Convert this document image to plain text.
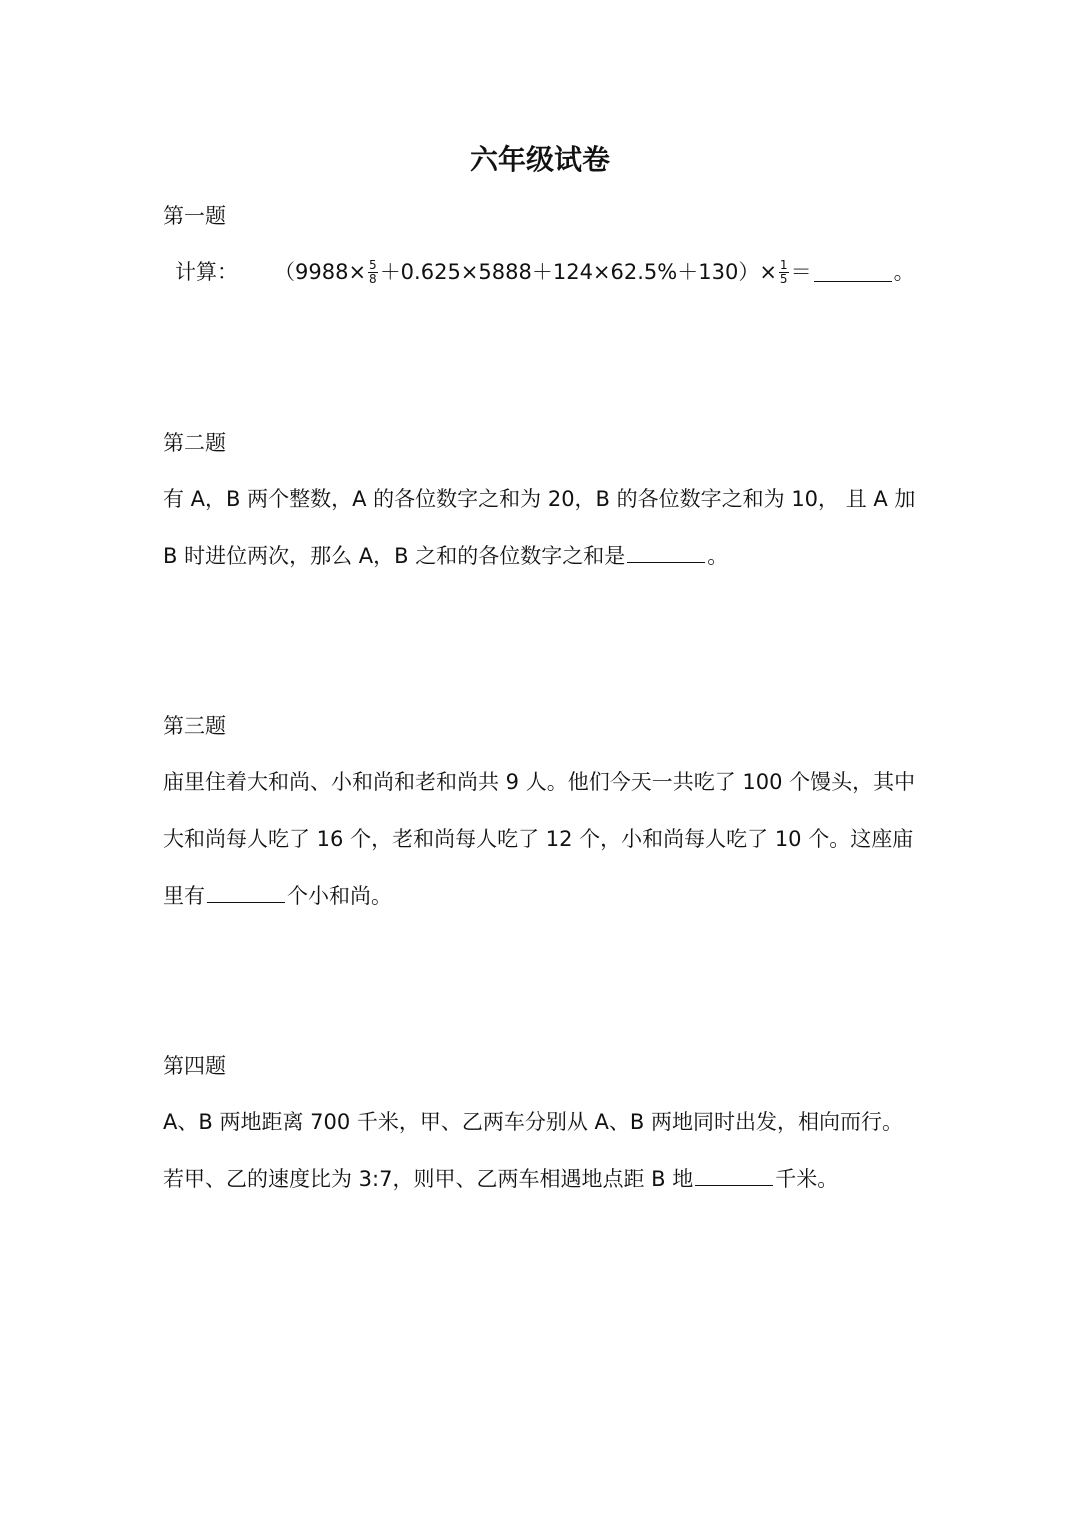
六年级试卷
第一题
计算： $(9988\times \frac{5}{8} +0.625\times 5888+124\times 62.5\%+130)\times \frac{1}{5}$ ＝	。
第二题
有 A，B 两个整数，A 的各位数字之和为 20，B 的各位数字之和为 10， 且 A 加 B 时进位两次，那么 A，B 之和的各位数字之和是	。
第三题
庙里住着大和尚、小和尚和老和尚共 9 人。他们今天一共吃了 100 个馒头，其中大和尚每人吃了 16 个，老和尚每人吃了 12 个，小和尚每人吃了 10 个。这座庙里有	个小和尚。
第四题
A、B 两地距离 700 千米，甲、乙两车分别从 A、B 两地同时出发，相向而行。若甲、乙的速度比为 3:7，则甲、乙两车相遇地点距 B 地	千米。
